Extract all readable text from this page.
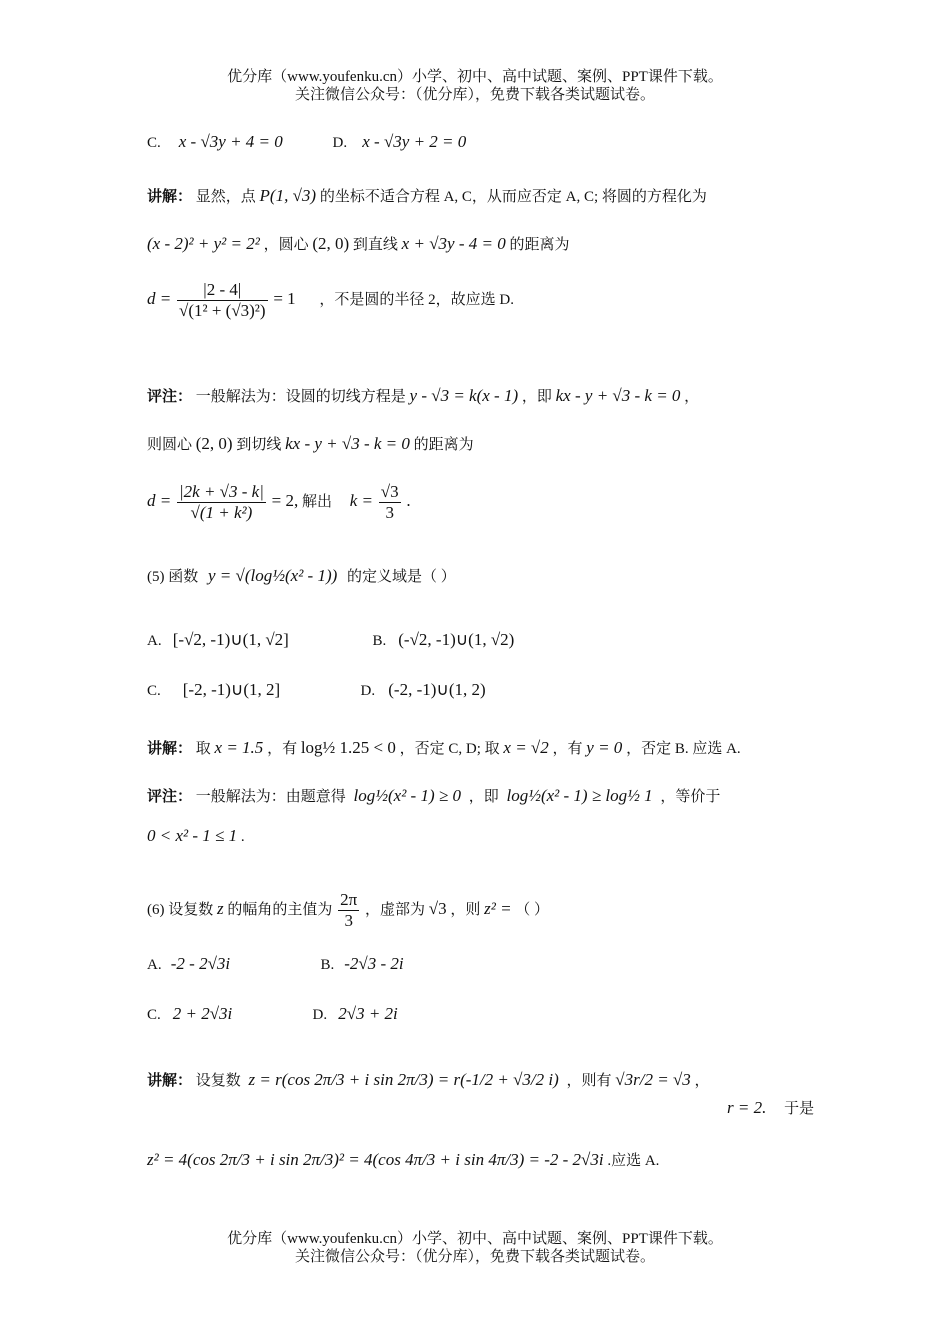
优分库（www.youfenku.cn）小学、初中、高中试题、案例、PPT课件下载。
关注微信公众号：（优分库），免费下载各类试题试卷。
C. x - √3y + 4 = 0	D. x - √3y + 2 = 0
讲解： 显然，点 P(1, √3) 的坐标不适合方程 A, C，从而应否定 A, C; 将圆的方程化为
(x - 2)² + y² = 2² ，圆心 (2, 0) 到直线 x + √3y - 4 = 0 的距离为
$d = \frac{|2 - 4|}{\text{√(1² + (√3)²)}} = 1$ ，不是圆的半径 2，故应选 D.
评注： 一般解法为：设圆的切线方程是 y - √3 = k(x - 1) ，即 kx - y + √3 - k = 0 ，
则圆心 (2, 0) 到切线 kx - y + √3 - k = 0 的距离为
$d = \frac{|2k + √3 - k|}{\text{√(1 + k²)}} = 2$, 解出 $k = \frac{√3}{3}$ .
(5) 函数 y = √(log½(x² - 1)) 的定义域是（ ）
A. [-√2, -1)∪(1, √2]	B. (-√2, -1)∪(1, √2)
C. [-2, -1)∪(1, 2]	D. (-2, -1)∪(1, 2)
讲解： 取 x = 1.5 ，有 log½ 1.25 < 0 ，否定 C, D; 取 x = √2 ，有 y = 0 ，否定 B. 应选 A.
评注： 一般解法为：由题意得 log½(x² - 1) ≥ 0 ，即 log½(x² - 1) ≥ log½ 1 ，等价于
0 < x² - 1 ≤ 1 .
(6) 设复数 z 的幅角的主值为 $\frac{2\pi}{3}$ ，虚部为 √3 ，则 z² = （ ）
A. -2 - 2√3i	B. -2√3 - 2i
C. 2 + 2√3i	D. 2√3 + 2i
讲解： 设复数 z = r(cos 2π/3 + i sin 2π/3) = r(-1/2 + √3/2 i) ，则有 √3r/2 = √3 ，
r = 2. 于是
z² = 4(cos 2π/3 + i sin 2π/3)² = 4(cos 4π/3 + i sin 4π/3) = -2 - 2√3i .应选 A.
优分库（www.youfenku.cn）小学、初中、高中试题、案例、PPT课件下载。
关注微信公众号：（优分库），免费下载各类试题试卷。
